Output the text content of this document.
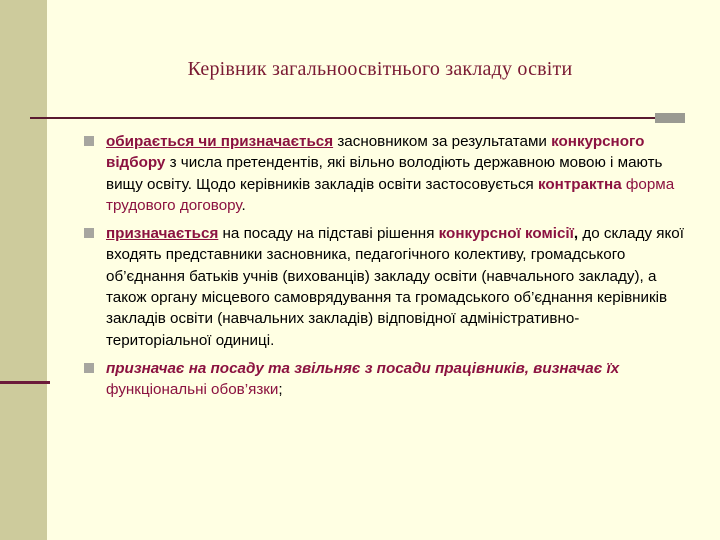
Керівник загальноосвітнього закладу освіти
обирається чи призначається засновником за результатами конкурсного відбору з числа претендентів, які вільно володіють державною мовою і мають вищу освіту. Щодо керівників закладів освіти застосовується контрактна форма трудового договору.
призначається на посаду на підставі рішення конкурсної комісії, до складу якої входять представники засновника, педагогічного колективу, громадського об’єднання батьків учнів (вихованців) закладу освіти (навчального закладу), а також органу місцевого самоврядування та громадського об’єднання керівників закладів освіти (навчальних закладів) відповідної адміністративно-територіальної одиниці.
призначає на посаду та звільняє з посади працівників, визначає їх функціональні обов’язки;
